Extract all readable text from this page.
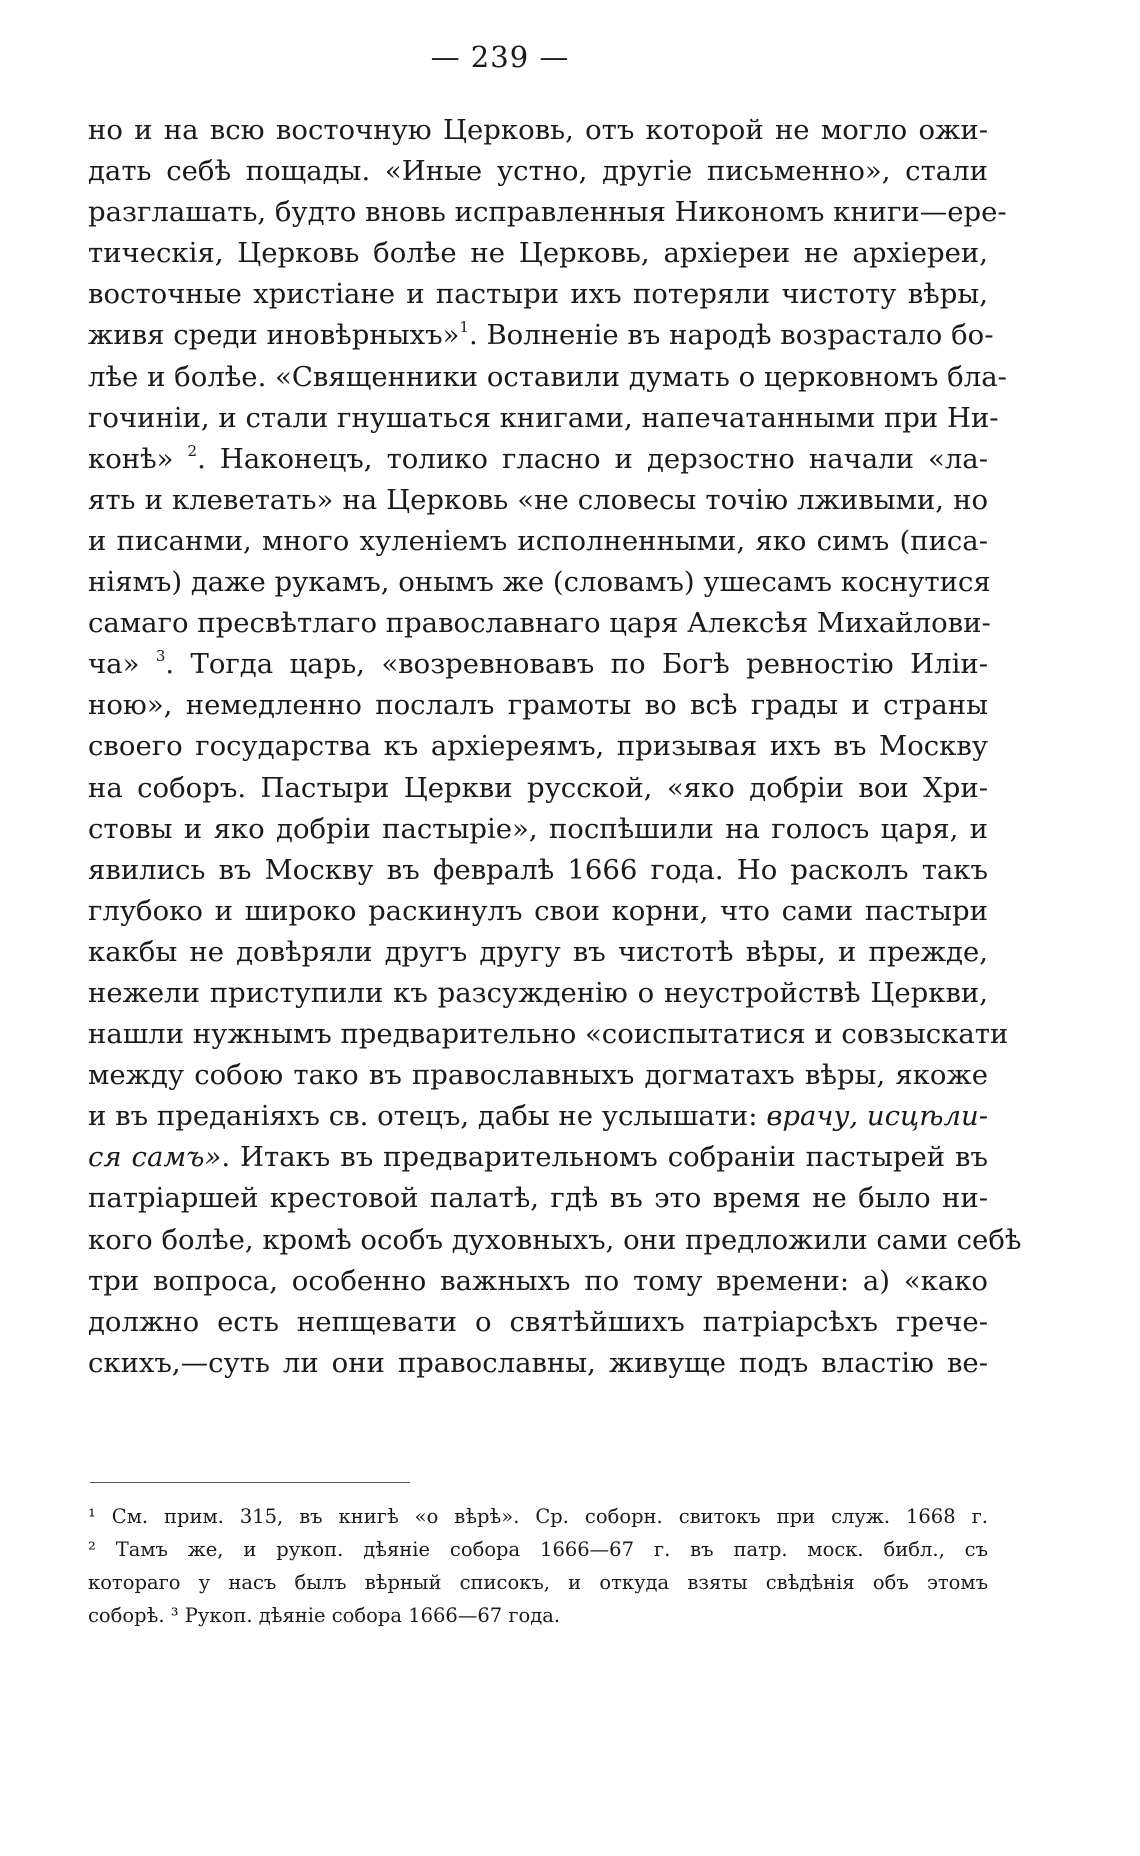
— 239 —
но и на всю восточную Церковь, отъ которой не могло ожи-
дать себѣ пощады. «Иные устно, другіе письменно», стали
разглашать, будто вновь исправленныя Никономъ книги—ере-
тическія, Церковь болѣе не Церковь, архіереи не архіереи,
восточные христіане и пастыри ихъ потеряли чистоту вѣры,
живя среди иновѣрныхъ»$^1$. Волненіе въ народѣ возрастало бо-
лѣе и болѣе. «Священники оставили думать о церковномъ бла-
гочиніи, и стали гнушаться книгами, напечатанными при Ни-
конѣ» $^2$. Наконецъ, толико гласно и дерзостно начали «ла-
ять и клеветать» на Церковь «не словесы точію лживыми, но
и писанми, много хуленіемъ исполненными, яко симъ (писа-
ніямъ) даже рукамъ, онымъ же (словамъ) ушесамъ коснутися
самаго пресвѣтлаго православнаго царя Алексѣя Михайлови-
ча» $^3$. Тогда царь, «возревновавъ по Богѣ ревностію Иліи-
ною», немедленно послалъ грамоты во всѣ грады и страны
своего государства къ архіереямъ, призывая ихъ въ Москву
на соборъ. Пастыри Церкви русской, «яко добріи вои Хри-
стовы и яко добріи пастыріе», поспѣшили на голосъ царя, и
явились въ Москву въ февралѣ 1666 года. Но расколъ такъ
глубоко и широко раскинулъ свои корни, что сами пастыри
какбы не довѣряли другъ другу въ чистотѣ вѣры, и прежде,
нежели приступили къ разсужденію о неустройствѣ Церкви,
нашли нужнымъ предварительно «соиспытатися и совзыскати
между собою тако въ православныхъ догматахъ вѣры, якоже
и въ преданіяхъ св. отецъ, дабы не услышати: врачу, исцѣли-
ся самъ». Итакъ въ предварительномъ собраніи пастырей въ
патріаршей крестовой палатѣ, гдѣ въ это время не было ни-
кого болѣе, кромѣ особъ духовныхъ, они предложили сами себѣ
три вопроса, особенно важныхъ по тому времени: а) «како
должно есть непщевати о святѣйшихъ патріарсѣхъ грече-
скихъ,—суть ли они православны, живуще подъ властію ве-
¹ См. прим. 315, въ книгѣ «о вѣрѣ». Ср. соборн. свитокъ при служ. 1668 г.
² Тамъ же, и рукоп. дѣяніе собора 1666—67 г. въ патр. моск. библ., съ
котораго у насъ былъ вѣрный списокъ, и откуда взяты свѣдѣнія объ этомъ
соборѣ. ³ Рукоп. дѣяніе собора 1666—67 года.
